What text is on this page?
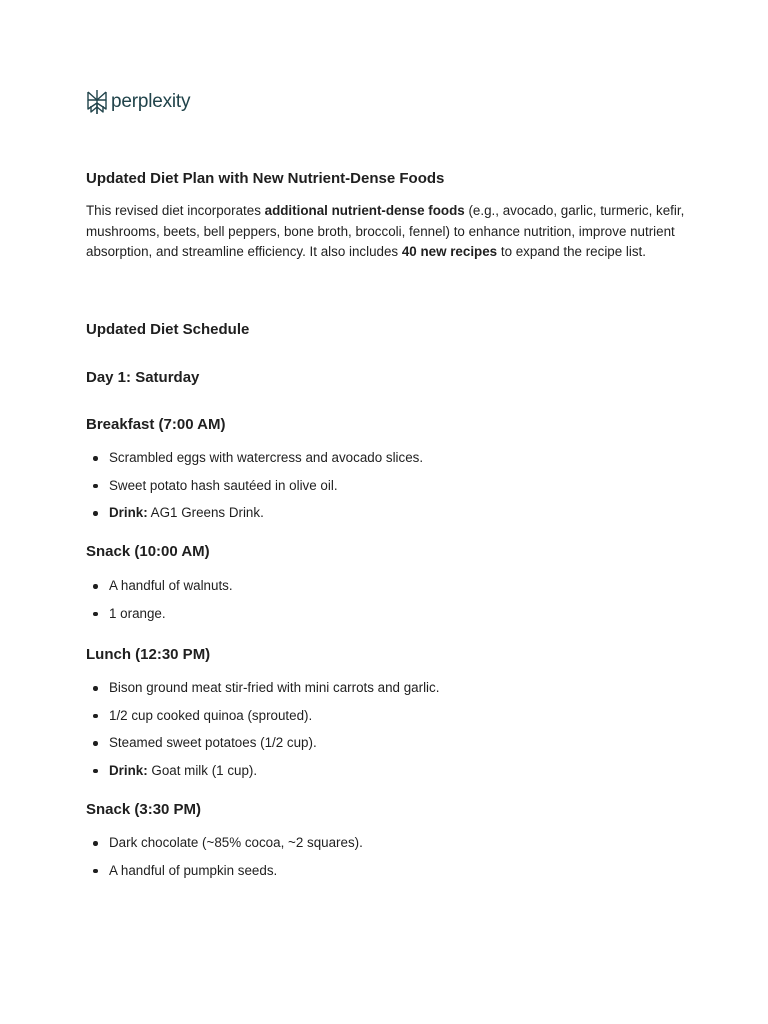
perplexity
Updated Diet Plan with New Nutrient-Dense Foods

This revised diet incorporates additional nutrient-dense foods (e.g., avocado, garlic, turmeric, kefir, mushrooms, beets, bell peppers, bone broth, broccoli, fennel) to enhance nutrition, improve nutrient absorption, and streamline efficiency. It also includes 40 new recipes to expand the recipe list.

Updated Diet Schedule
Day 1: Saturday
Breakfast (7:00 AM)
Scrambled eggs with watercress and avocado slices.
Sweet potato hash sautéed in olive oil.
Drink: AG1 Greens Drink.
Snack (10:00 AM)
A handful of walnuts.
1 orange.
Lunch (12:30 PM)
Bison ground meat stir-fried with mini carrots and garlic.
1/2 cup cooked quinoa (sprouted).
Steamed sweet potatoes (1/2 cup).
Drink: Goat milk (1 cup).
Snack (3:30 PM)
Dark chocolate (~85% cocoa, ~2 squares).
A handful of pumpkin seeds.
